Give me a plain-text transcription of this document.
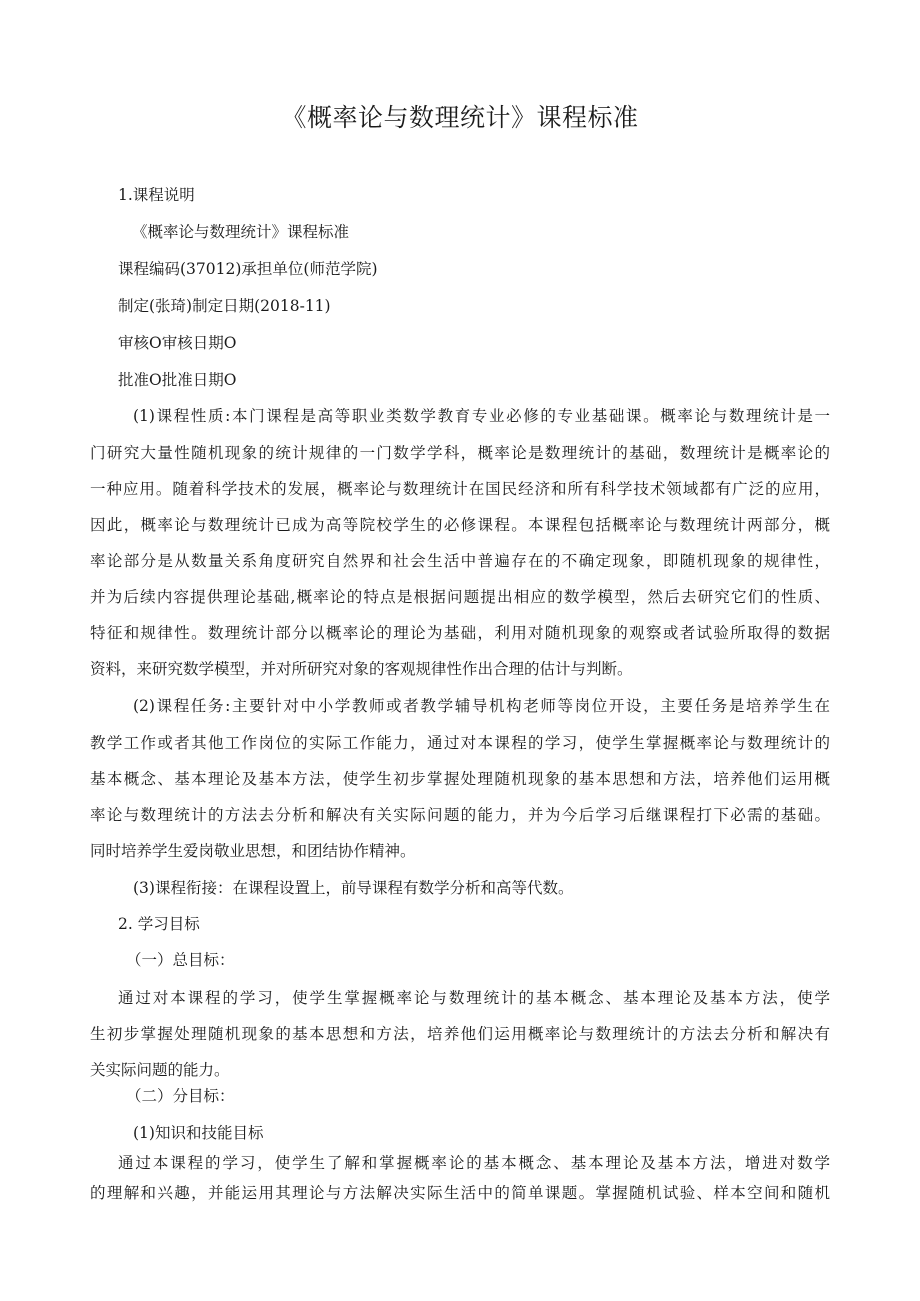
《概率论与数理统计》课程标准
1.课程说明
《概率论与数理统计》课程标准
课程编码(37012)承担单位(师范学院)
制定(张琦)制定日期(2018-11)
审核O审核日期O
批准O批准日期O
(1)课程性质:本门课程是高等职业类数学教育专业必修的专业基础课。概率论与数理统计是一
门研究大量性随机现象的统计规律的一门数学学科，概率论是数理统计的基础，数理统计是概率论的
一种应用。随着科学技术的发展，概率论与数理统计在国民经济和所有科学技术领域都有广泛的应用，
因此，概率论与数理统计已成为高等院校学生的必修课程。本课程包括概率论与数理统计两部分，概
率论部分是从数量关系角度研究自然界和社会生活中普遍存在的不确定现象，即随机现象的规律性，
并为后续内容提供理论基础,概率论的特点是根据问题提出相应的数学模型，然后去研究它们的性质、
特征和规律性。数理统计部分以概率论的理论为基础，利用对随机现象的观察或者试验所取得的数据
资料，来研究数学模型，并对所研究对象的客观规律性作出合理的估计与判断。
(2)课程任务:主要针对中小学教师或者教学辅导机构老师等岗位开设，主要任务是培养学生在
教学工作或者其他工作岗位的实际工作能力，通过对本课程的学习，使学生掌握概率论与数理统计的
基本概念、基本理论及基本方法，使学生初步掌握处理随机现象的基本思想和方法，培养他们运用概
率论与数理统计的方法去分析和解决有关实际问题的能力，并为今后学习后继课程打下必需的基础。
同时培养学生爱岗敬业思想，和团结协作精神。
(3)课程衔接：在课程设置上，前导课程有数学分析和高等代数。
2. 学习目标
（一）总目标：
通过对本课程的学习，使学生掌握概率论与数理统计的基本概念、基本理论及基本方法，使学
生初步掌握处理随机现象的基本思想和方法，培养他们运用概率论与数理统计的方法去分析和解决有
关实际问题的能力。
（二）分目标：
(1)知识和技能目标
通过本课程的学习，使学生了解和掌握概率论的基本概念、基本理论及基本方法，增进对数学
的理解和兴趣，并能运用其理论与方法解决实际生活中的简单课题。掌握随机试验、样本空间和随机
